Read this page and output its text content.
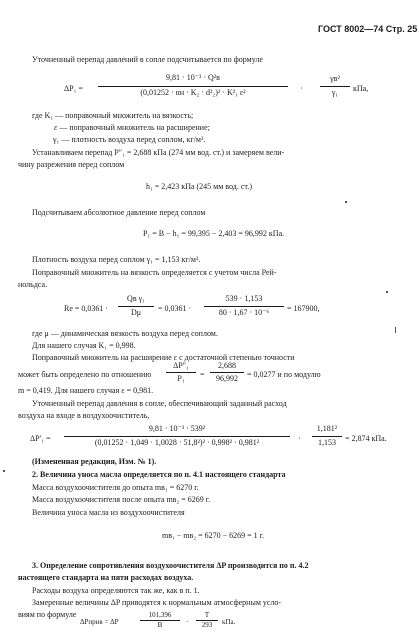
ГОСТ 8002—74 Стр. 25
Уточненный перепад давлений в сопле подсчитывается по формуле
ΔP₁ =
9,81 · 10⁻³ · Q²в
(0,01252 · αн · K₂ · d²₂)² · K²₁ ε²	·
γв²
γ₁	кПа,
где K₁ — поправочный множитель на вязкость;
ε — поправочный множитель на расширение;
γ₁ — плотность воздуха перед соплом, кг/м³.
Устанавливаем перепад P″₁ = 2,688 кПа (274 мм вод. ст.) и замеряем вели-
чину разрежения перед соплом
h₁ = 2,423 кПа (245 мм вод. ст.)
Подсчитываем абсолютное давление перед соплом
P₁ = B − h₁ = 99,395 − 2,403 = 96,992 кПа.
Плотность воздуха перед соплом γ₁ = 1,153 кг/м³.
Поправочный множитель на вязкость определяется с учетом числа Рей-
нольдса.
Re = 0,0361 ·
Qв γ₁
Dμ	= 0,0361 ·
539 · 1,153
80 · 1,67 · 10⁻⁶	= 167900,
где μ — динамическая вязкость воздуха перед соплом.
Для нашего случая K₁ = 0,998.
Поправочный множитель на расширение ε с достаточной степенью точности
может быть определено по отношению
ΔP″₁
P₁	=
2,688
96,992	= 0,0277 и по модулю
m = 0,419. Для нашего случая ε = 0,981.
Уточненный перепад давления в сопле, обеспечивающий заданный расход
воздуха на входе в воздухоочиститель,
ΔP′₁ =
9,81 · 10⁻³ · 539²
(0,01252 · 1,049 · 1,0028 · 51,8²)² · 0,998² · 0,981²	·
1,181²
1,153	= 2,874 кПа.
(Измененная редакция, Изм. № 1).
2. Величина уноса масла определяется по п. 4.1 настоящего стандарта
Масса воздухоочистителя до опыта mв₁ = 6270 г.
Масса воздухоочистителя после опыта mв₂ = 6269 г.
Величина уноса масла из воздухоочистителя
mв₁ − mв₂ = 6270 − 6269 = 1 г.
3. Определение сопротивления воздухоочистителя ΔP производится по п. 4.2
настоящего стандарта на пяти расходах воздуха.
Расходы воздуха определяются так же, как в п. 1.
Замеренные величины ΔP приводятся к нормальным атмосферным усло-
виям по формуле
ΔPприв = ΔP
101,396
B	·
T
293	кПа.
